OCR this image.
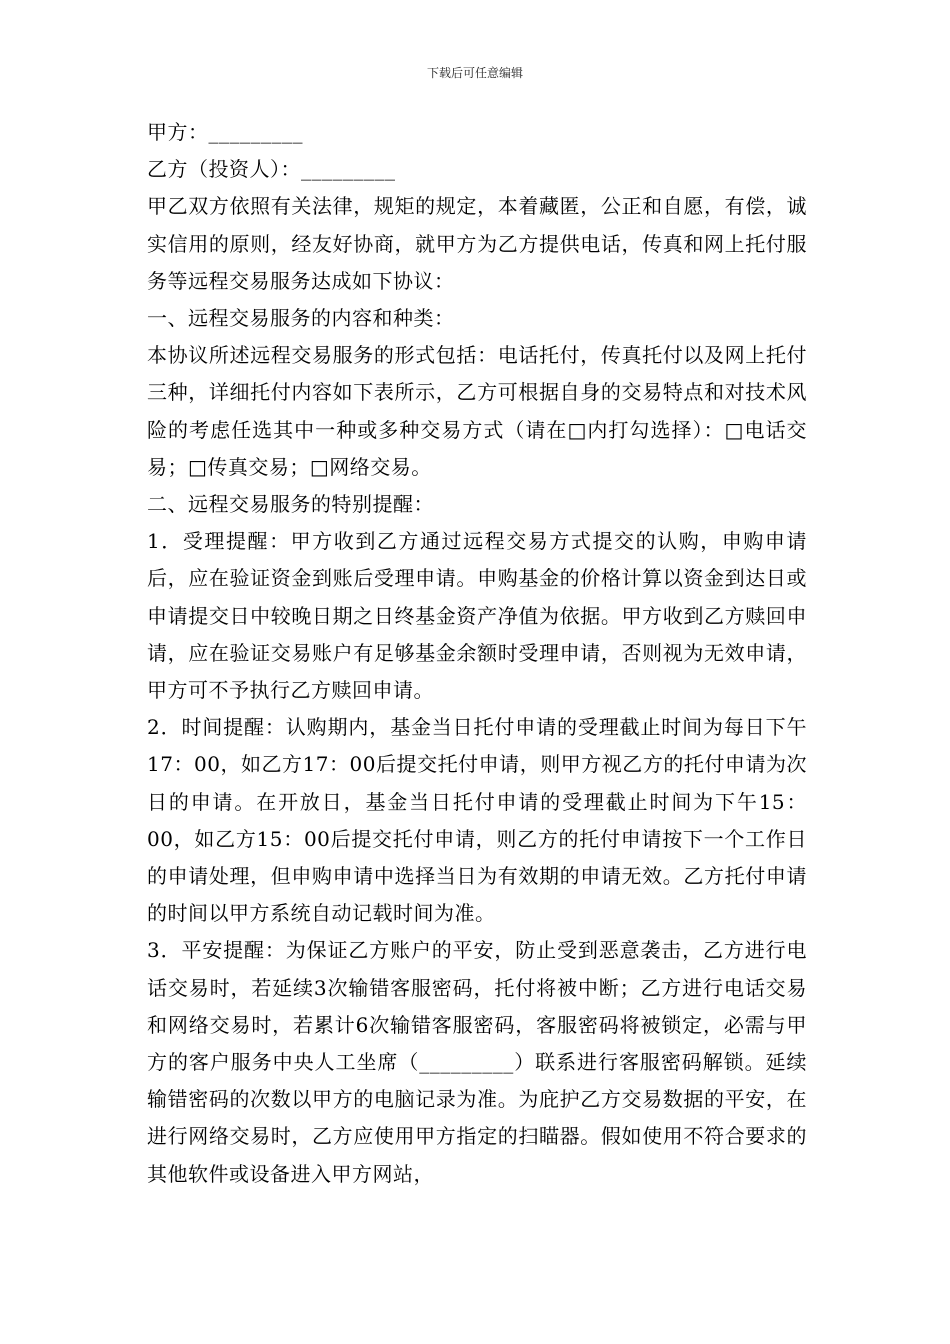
下载后可任意编辑

甲方：_________

乙方（投资人）：_________

甲乙双方依照有关法律，规矩的规定，本着藏匿，公正和自愿，有偿，诚实信用的原则，经友好协商，就甲方为乙方提供电话，传真和网上托付服务等远程交易服务达成如下协议：

一、远程交易服务的内容和种类：

本协议所述远程交易服务的形式包括：电话托付，传真托付以及网上托付三种，详细托付内容如下表所示，乙方可根据自身的交易特点和对技术风险的考虑任选其中一种或多种交易方式（请在□内打勾选择）：□电话交易；□传真交易；□网络交易。

二、远程交易服务的特别提醒：

1．受理提醒：甲方收到乙方通过远程交易方式提交的认购，申购申请后，应在验证资金到账后受理申请。申购基金的价格计算以资金到达日或申请提交日中较晚日期之日终基金资产净值为依据。甲方收到乙方赎回申请，应在验证交易账户有足够基金余额时受理申请，否则视为无效申请，甲方可不予执行乙方赎回申请。

2．时间提醒：认购期内，基金当日托付申请的受理截止时间为每日下午17：00，如乙方17：00后提交托付申请，则甲方视乙方的托付申请为次日的申请。在开放日，基金当日托付申请的受理截止时间为下午15：00，如乙方15：00后提交托付申请，则乙方的托付申请按下一个工作日的申请处理，但申购申请中选择当日为有效期的申请无效。乙方托付申请的时间以甲方系统自动记载时间为准。

3．平安提醒：为保证乙方账户的平安，防止受到恶意袭击，乙方进行电话交易时，若延续3次输错客服密码，托付将被中断；乙方进行电话交易和网络交易时，若累计6次输错客服密码，客服密码将被锁定，必需与甲方的客户服务中央人工坐席（_________）联系进行客服密码解锁。延续输错密码的次数以甲方的电脑记录为准。为庇护乙方交易数据的平安，在进行网络交易时，乙方应使用甲方指定的扫瞄器。假如使用不符合要求的其他软件或设备进入甲方网站，
